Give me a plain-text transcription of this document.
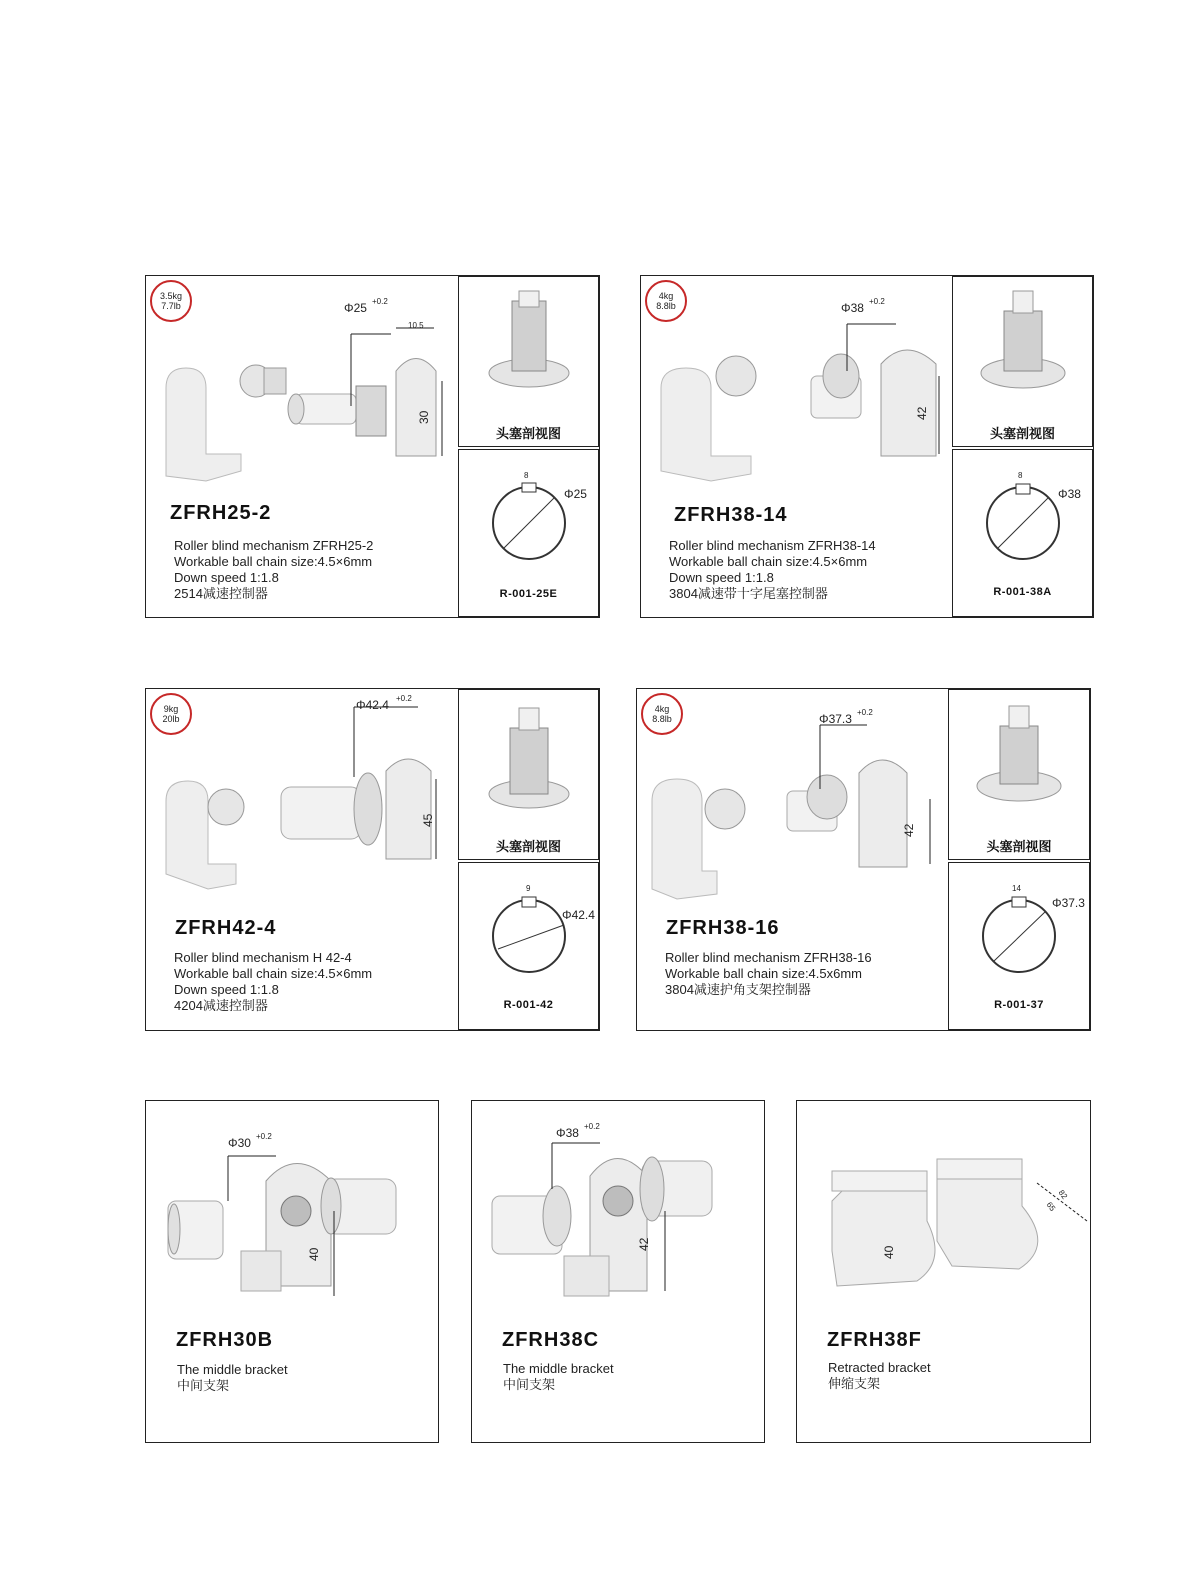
3.5kg
7.7lb	Φ25 +0.2
10.5
30
ZFRH25-2
Roller blind mechanism ZFRH25-2
Workable ball chain size:4.5×6mm
Down speed 1:1.8
2514减速控制器
头塞剖视图
8
Φ25
R-001-25E
4kg
8.8lb	Φ38 +0.2
42
ZFRH38-14
Roller blind mechanism ZFRH38-14
Workable ball chain size:4.5×6mm
Down speed 1:1.8
3804减速带十字尾塞控制器
头塞剖视图
8
Φ38
R-001-38A
9kg
20lb
Φ42.4 +0.2
45
ZFRH42-4
Roller blind mechanism H 42-4
Workable ball chain size:4.5×6mm
Down speed 1:1.8
4204减速控制器
头塞剖视图
9
Φ42.4
R-001-42
4kg
8.8lb	Φ37.3 +0.2
42
ZFRH38-16
Roller blind mechanism ZFRH38-16
Workable ball chain size:4.5x6mm
3804减速护角支架控制器
头塞剖视图
14
Φ37.3
R-001-37
Φ30 +0.2
40
ZFRH30B
The middle bracket
中间支架
Φ38 +0.2
42
ZFRH38C
The middle bracket
中间支架
40
82
65
ZFRH38F
Retracted bracket
伸缩支架
